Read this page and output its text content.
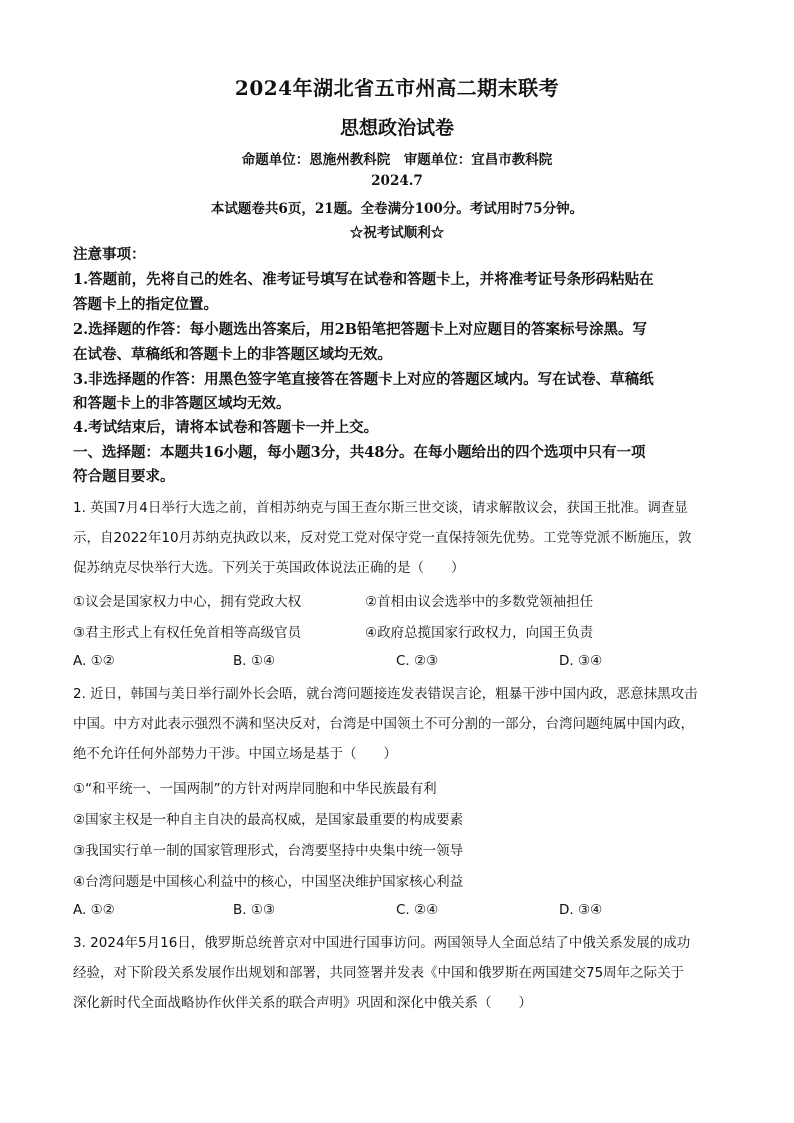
2024年湖北省五市州高二期末联考
思想政治试卷
命题单位：恩施州教科院　审题单位：宜昌市教科院
2024.7
本试题卷共6页，21题。全卷满分100分。考试用时75分钟。
☆祝考试顺利☆
注意事项：
1.答题前，先将自己的姓名、准考证号填写在试卷和答题卡上，并将准考证号条形码粘贴在
答题卡上的指定位置。
2.选择题的作答：每小题选出答案后，用2B铅笔把答题卡上对应题目的答案标号涂黑。写
在试卷、草稿纸和答题卡上的非答题区域均无效。
3.非选择题的作答：用黑色签字笔直接答在答题卡上对应的答题区域内。写在试卷、草稿纸
和答题卡上的非答题区域均无效。
4.考试结束后，请将本试卷和答题卡一并上交。
一、选择题：本题共16小题，每小题3分，共48分。在每小题给出的四个选项中只有一项
符合题目要求。
1. 英国7月4日举行大选之前，首相苏纳克与国王查尔斯三世交谈，请求解散议会，获国王批准。调查显
示，自2022年10月苏纳克执政以来，反对党工党对保守党一直保持领先优势。工党等党派不断施压，敦
促苏纳克尽快举行大选。下列关于英国政体说法正确的是（　　）
①议会是国家权力中心，拥有党政大权	②首相由议会选举中的多数党领袖担任
③君主形式上有权任免首相等高级官员	④政府总揽国家行政权力，向国王负责
A. ①②	B. ①④	C. ②③	D. ③④
2. 近日，韩国与美日举行副外长会晤，就台湾问题接连发表错误言论，粗暴干涉中国内政，恶意抹黑攻击
中国。中方对此表示强烈不满和坚决反对，台湾是中国领土不可分割的一部分，台湾问题纯属中国内政，
绝不允许任何外部势力干涉。中国立场是基于（　　）
①“和平统一、一国两制”的方针对两岸同胞和中华民族最有利
②国家主权是一种自主自决的最高权威，是国家最重要的构成要素
③我国实行单一制的国家管理形式，台湾要坚持中央集中统一领导
④台湾问题是中国核心利益中的核心，中国坚决维护国家核心利益
A. ①②	B. ①③	C. ②④	D. ③④
3. 2024年5月16日，俄罗斯总统普京对中国进行国事访问。两国领导人全面总结了中俄关系发展的成功
经验，对下阶段关系发展作出规划和部署，共同签署并发表《中国和俄罗斯在两国建交75周年之际关于
深化新时代全面战略协作伙伴关系的联合声明》巩固和深化中俄关系（　　）
